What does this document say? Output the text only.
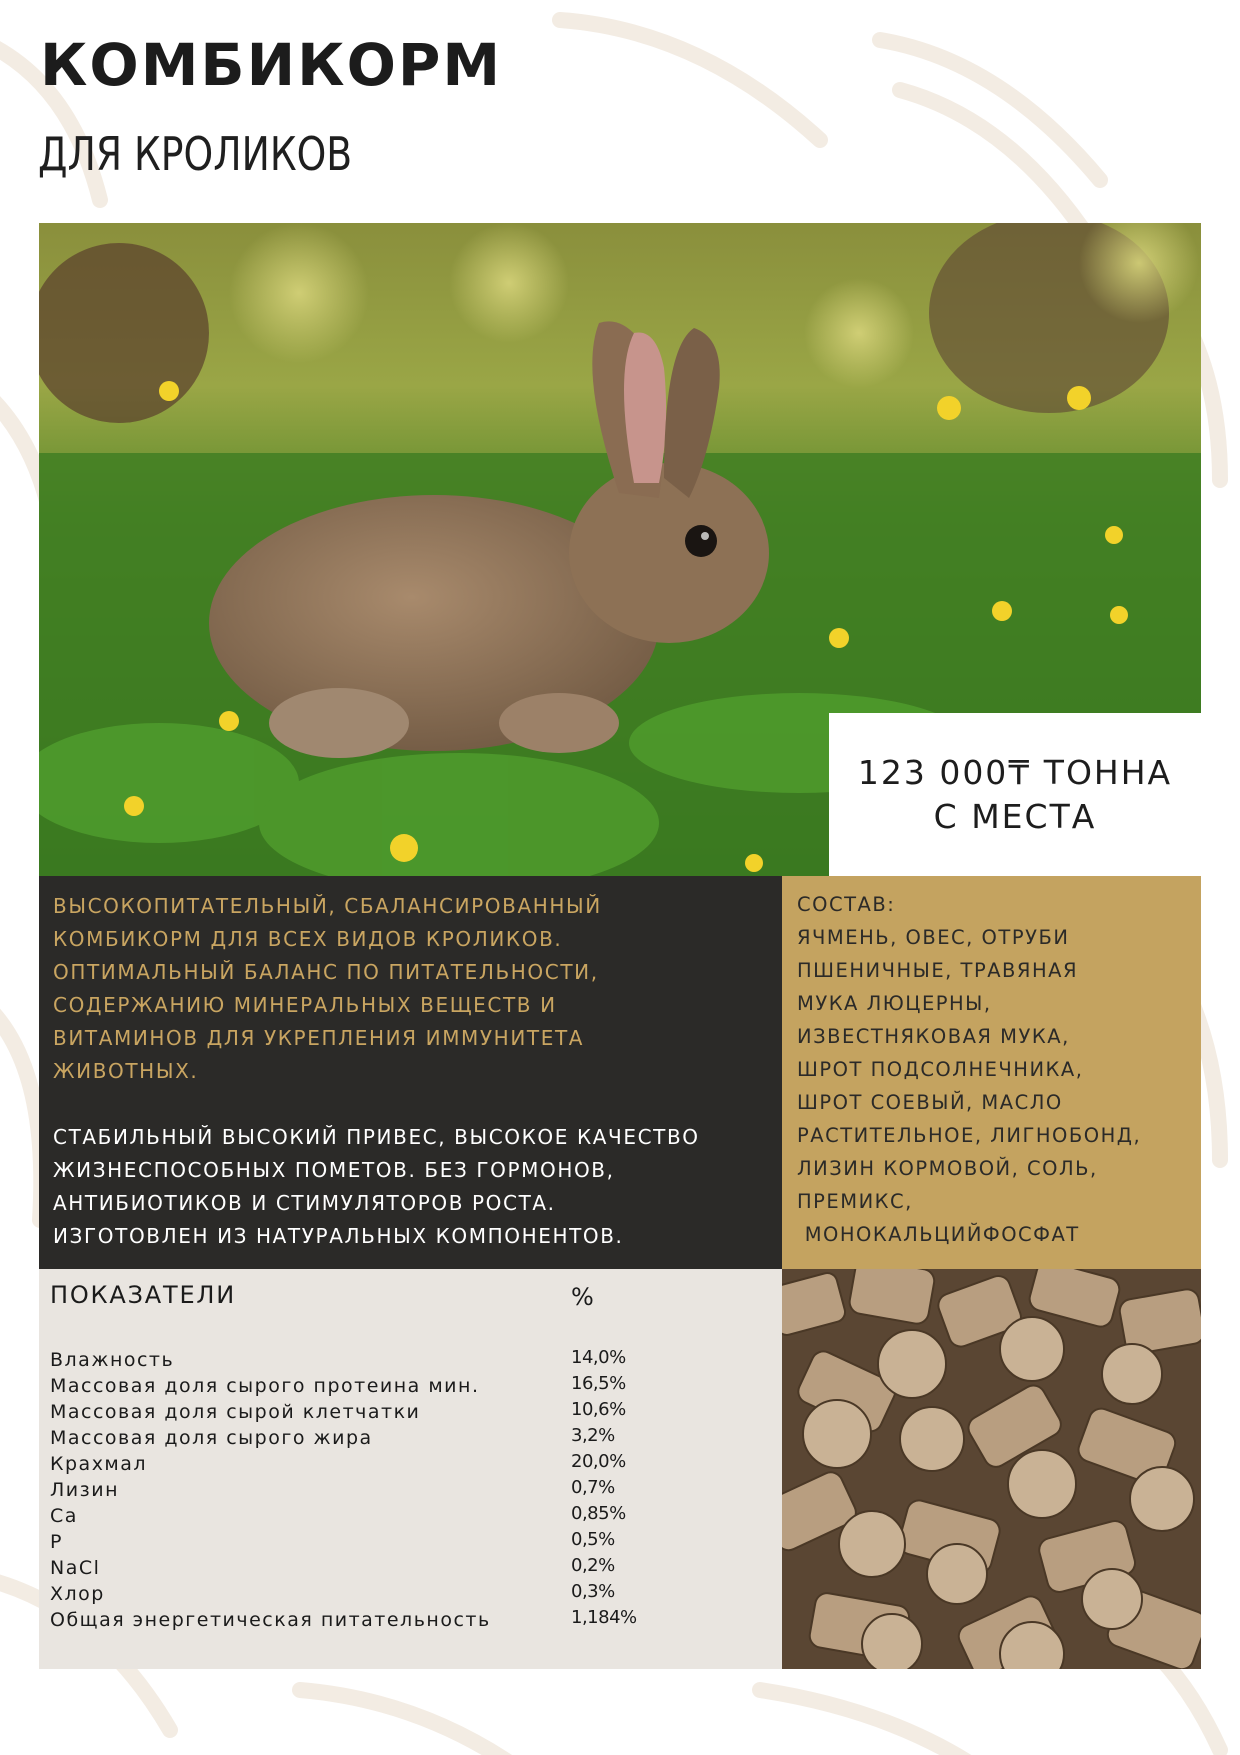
КОМБИКОРМ
ДЛЯ КРОЛИКОВ
123 000₸ ТОННА
С МЕСТА

ВЫСОКОПИТАТЕЛЬНЫЙ, СБАЛАНСИРОВАННЫЙ

КОМБИКОРМ ДЛЯ ВСЕХ ВИДОВ КРОЛИКОВ.

ОПТИМАЛЬНЫЙ БАЛАНС ПО ПИТАТЕЛЬНОСТИ,

СОДЕРЖАНИЮ МИНЕРАЛЬНЫХ ВЕЩЕСТВ И

ВИТАМИНОВ ДЛЯ УКРЕПЛЕНИЯ ИММУНИТЕТА

ЖИВОТНЫХ.

СТАБИЛЬНЫЙ ВЫСОКИЙ ПРИВЕС, ВЫСОКОЕ КАЧЕСТВО

ЖИЗНЕСПОСОБНЫХ ПОМЕТОВ. БЕЗ ГОРМОНОВ,

АНТИБИОТИКОВ И СТИМУЛЯТОРОВ РОСТА.

ИЗГОТОВЛЕН ИЗ НАТУРАЛЬНЫХ КОМПОНЕНТОВ.

СОСТАВ:

ЯЧМЕНЬ, ОВЕС, ОТРУБИ

ПШЕНИЧНЫЕ, ТРАВЯНАЯ

МУКА ЛЮЦЕРНЫ,

ИЗВЕСТНЯКОВАЯ МУКА,

ШРОТ ПОДСОЛНЕЧНИКА,

ШРОТ СОЕВЫЙ, МАСЛО

РАСТИТЕЛЬНОЕ, ЛИГНОБОНД,

ЛИЗИН КОРМОВОЙ, СОЛЬ,

ПРЕМИКС,

МОНОКАЛЬЦИЙФОСФАТ

ПОКАЗАТЕЛИ	%
Влажность	14,0%
Массовая доля сырого протеина мин.	16,5%
Массовая доля сырой клетчатки	10,6%
Массовая доля сырого жира	3,2%
Крахмал	20,0%
Лизин	0,7%
Ca	0,85%
P	0,5%
NaCl	0,2%
Хлор	0,3%
Общая энергетическая питательность	1,184%
